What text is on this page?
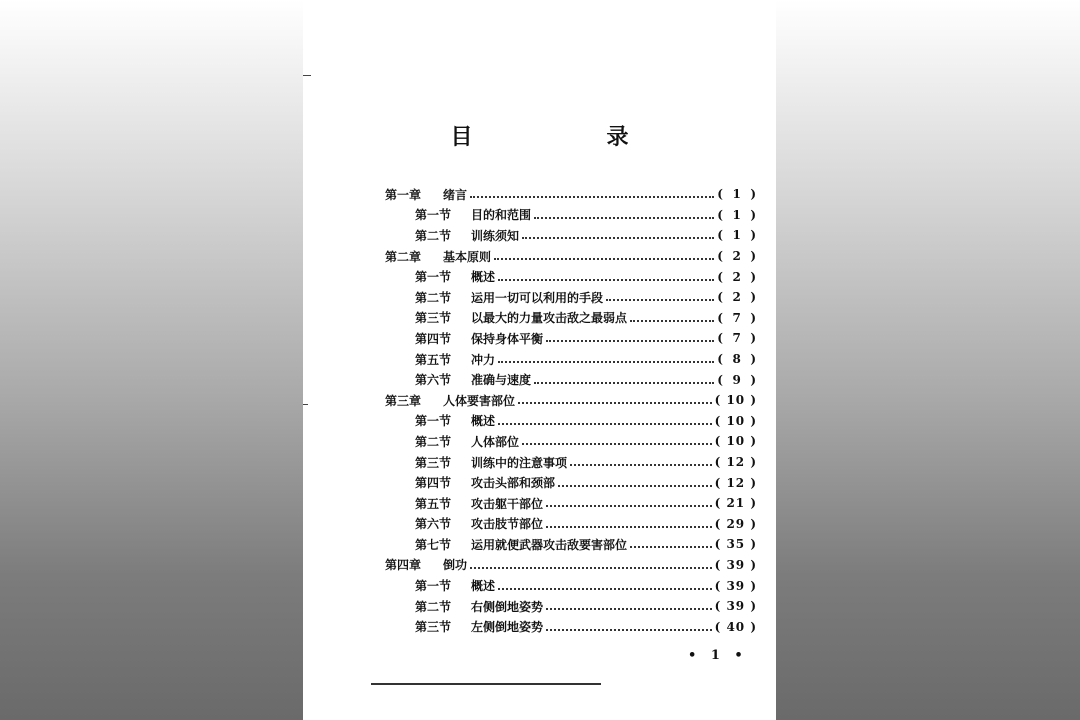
目　录
第一章	绪言	( 1 )
第一节	目的和范围	( 1 )
第二节	训练须知	( 1 )
第二章	基本原则	( 2 )
第一节	概述	( 2 )
第二节	运用一切可以利用的手段	( 2 )
第三节	以最大的力量攻击敌之最弱点	( 7 )
第四节	保持身体平衡	( 7 )
第五节	冲力	( 8 )
第六节	准确与速度	( 9 )
第三章	人体要害部位	( 10 )
第一节	概述	( 10 )
第二节	人体部位	( 10 )
第三节	训练中的注意事项	( 12 )
第四节	攻击头部和颈部	( 12 )
第五节	攻击躯干部位	( 21 )
第六节	攻击肢节部位	( 29 )
第七节	运用就便武器攻击敌要害部位	( 35 )
第四章	倒功	( 39 )
第一节	概述	( 39 )
第二节	右侧倒地姿势	( 39 )
第三节	左侧倒地姿势	( 40 )
• 1 •
